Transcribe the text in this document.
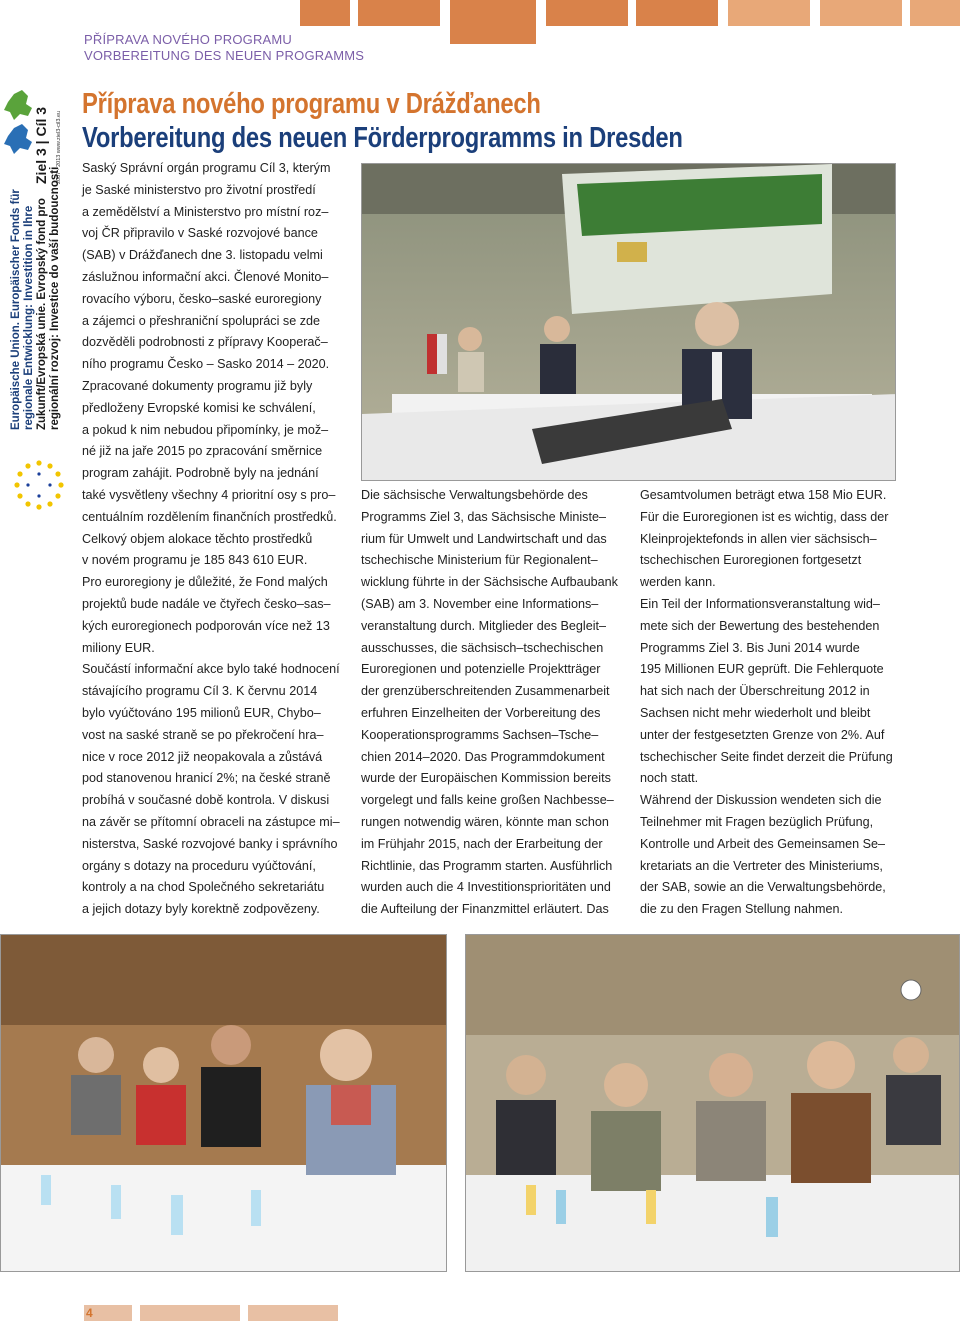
PŘÍPRAVA NOVÉHO PROGRAMU
VORBEREITUNG DES NEUEN PROGRAMMS
Ziel 3 | Cíl 3 2007 - 2013 www.ziel3-cil3.eu
Europäische Union. Europäischer Fonds für regionale Entwicklung: Investition in Ihre Zukunft/Evropská unie. Evropský fond pro regionální rozvoj: Investice do vaší budoucnosti
Příprava nového programu v Drážďanech
Vorbereitung des neuen Förderprogramms in Dresden

Saský Správní orgán programu Cíl 3, kterým

je Saské ministerstvo pro životní prostředí

a zemědělství a Ministerstvo pro místní roz–

voj ČR připravilo v Saské rozvojové bance

(SAB) v Drážďanech dne 3. listopadu velmi

záslužnou informační akci. Členové Monito–

rovacího výboru, česko–saské euroregiony

a zájemci o přeshraniční spolupráci se zde

dozvěděli podrobnosti z přípravy Kooperač–

ního programu Česko – Sasko 2014 – 2020.

Zpracované dokumenty programu již byly

předloženy Evropské komisi ke schválení,

a pokud k nim nebudou připomínky, je mož–

né již na jaře 2015 po zpracování směrnice

program zahájit. Podrobně byly na jednání

také vysvětleny všechny 4 prioritní osy s pro–

centuálním rozdělením finančních prostředků.

Celkový objem alokace těchto prostředků

v novém programu je 185 843 610 EUR.

Pro euroregiony je důležité, že Fond malých

projektů bude nadále ve čtyřech česko–sas–

kých euroregionech podporován více než 13

miliony EUR.

Součástí informační akce bylo také hodnocení

stávajícího programu Cíl 3. K červnu 2014

bylo vyúčtováno 195 milionů EUR, Chybo–

vost na saské straně se po překročení hra–

nice v roce 2012 již neopakovala a zůstává

pod stanovenou hranicí 2%; na české straně

probíhá v současné době kontrola. V diskusi

na závěr se přítomní obraceli na zástupce mi–

nisterstva, Saské rozvojové banky i správního

orgány s dotazy na proceduru vyúčtování,

kontroly a na chod Společného sekretariátu

a jejich dotazy byly korektně zodpovězeny.

Die sächsische Verwaltungsbehörde des

Programms Ziel 3, das Sächsische Ministe–

rium für Umwelt und Landwirtschaft und das

tschechische Ministerium für Regionalent–

wicklung führte in der Sächsische Aufbaubank

(SAB) am 3. November eine Informations–

veranstaltung durch. Mitglieder des Begleit–

ausschusses, die sächsisch–tschechischen

Euroregionen und potenzielle Projektträger

der grenzüberschreitenden Zusammenarbeit

erfuhren Einzelheiten der Vorbereitung des

Kooperationsprogramms Sachsen–Tsche–

chien 2014–2020. Das Programmdokument

wurde der Europäischen Kommission bereits

vorgelegt und falls keine großen Nachbesse–

rungen notwendig wären, könnte man schon

im Frühjahr 2015, nach der Erarbeitung der

Richtlinie, das Programm starten. Ausführlich

wurden auch die 4 Investitionsprioritäten und

die Aufteilung der Finanzmittel erläutert. Das

Gesamtvolumen beträgt etwa 158 Mio EUR.

Für die Euroregionen ist es wichtig, dass der

Kleinprojektefonds in allen vier sächsisch–

tschechischen Euroregionen fortgesetzt

werden kann.

Ein Teil der Informationsveranstaltung wid–

mete sich der Bewertung des bestehenden

Programms Ziel 3. Bis Juni 2014 wurde

195 Millionen EUR geprüft. Die Fehlerquote

hat sich nach der Überschreitung 2012 in

Sachsen nicht mehr wiederholt und bleibt

unter der festgesetzten Grenze von 2%. Auf

tschechischer Seite findet derzeit die Prüfung

noch statt.

Während der Diskussion wendeten sich die

Teilnehmer mit Fragen bezüglich Prüfung,

Kontrolle und Arbeit des Gemeinsamen Se–

kretariats an die Vertreter des Ministeriums,

der SAB, sowie an die Verwaltungsbehörde,

die zu den Fragen Stellung nahmen.

4
